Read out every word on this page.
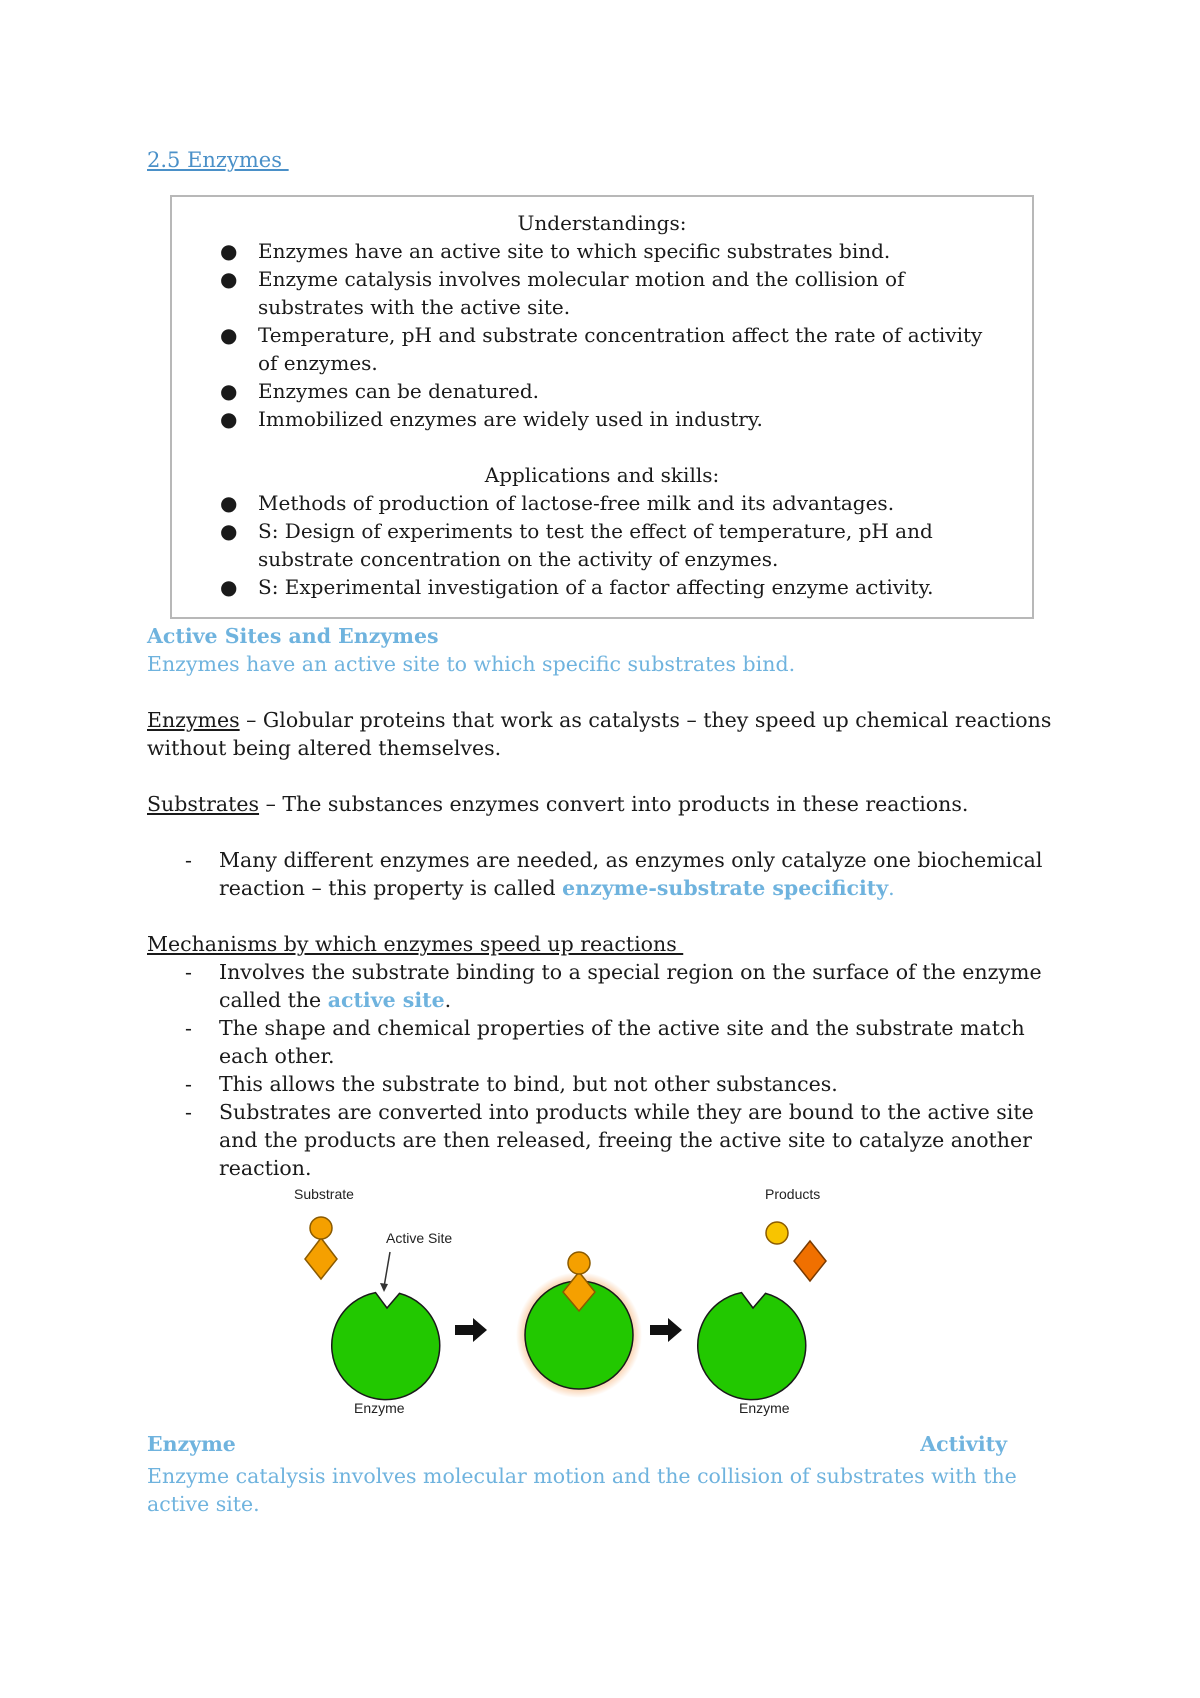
2.5 Enzymes

Understandings:

● Enzymes have an active site to which specific substrates bind.
● Enzyme catalysis involves molecular motion and the collision of substrates with the active site.
● Temperature, pH and substrate concentration affect the rate of activity of enzymes.
● Enzymes can be denatured.
● Immobilized enzymes are widely used in industry.

Applications and skills:

● Methods of production of lactose-free milk and its advantages.
● S: Design of experiments to test the effect of temperature, pH and substrate concentration on the activity of enzymes.
● S: Experimental investigation of a factor affecting enzyme activity.

Active Sites and Enzymes

Enzymes have an active site to which specific substrates bind.

Enzymes – Globular proteins that work as catalysts – they speed up chemical reactions without being altered themselves.

Substrates – The substances enzymes convert into products in these reactions.

- Many different enzymes are needed, as enzymes only catalyze one biochemical reaction – this property is called enzyme-substrate specificity.

Mechanisms by which enzymes speed up reactions

- Involves the substrate binding to a special region on the surface of the enzyme called the active site.
- The shape and chemical properties of the active site and the substrate match each other.
- This allows the substrate to bind, but not other substances.
- Substrates are converted into products while they are bound to the active site and the products are then released, freeing the active site to catalyze another reaction.
Substrate
Active Site
Products
Enzyme	Enzyme
Enzyme	Activity

Enzyme catalysis involves molecular motion and the collision of substrates with the active site.
